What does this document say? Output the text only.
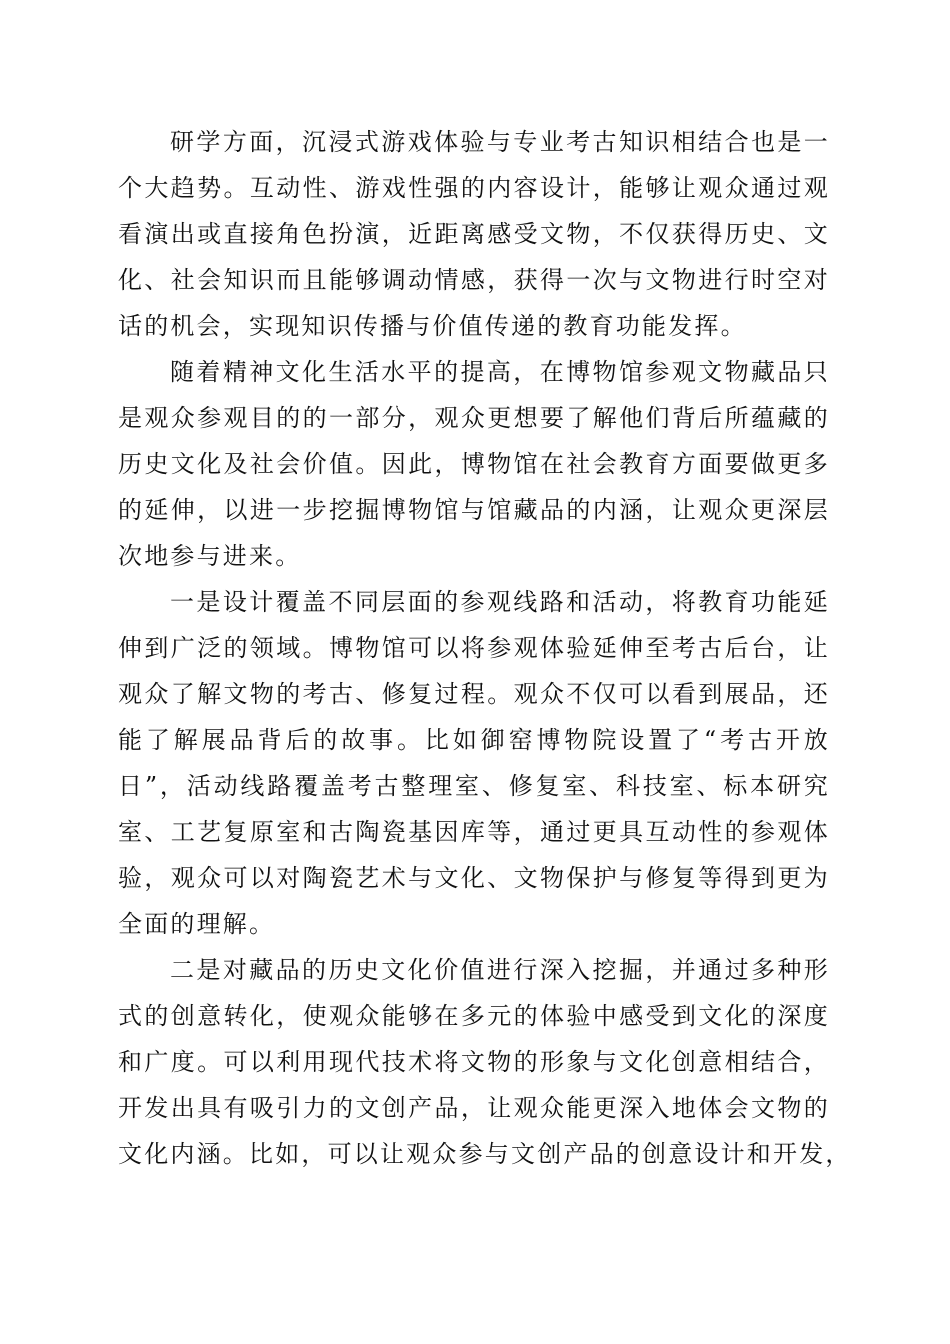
研学方面，沉浸式游戏体验与专业考古知识相结合也是一
个大趋势。互动性、游戏性强的内容设计，能够让观众通过观
看演出或直接角色扮演，近距离感受文物，不仅获得历史、文
化、社会知识而且能够调动情感，获得一次与文物进行时空对
话的机会，实现知识传播与价值传递的教育功能发挥。
随着精神文化生活水平的提高，在博物馆参观文物藏品只
是观众参观目的的一部分，观众更想要了解他们背后所蕴藏的
历史文化及社会价值。因此，博物馆在社会教育方面要做更多
的延伸，以进一步挖掘博物馆与馆藏品的内涵，让观众更深层
次地参与进来。
一是设计覆盖不同层面的参观线路和活动，将教育功能延
伸到广泛的领域。博物馆可以将参观体验延伸至考古后台，让
观众了解文物的考古、修复过程。观众不仅可以看到展品，还
能了解展品背后的故事。比如御窑博物院设置了“考古开放
日”，活动线路覆盖考古整理室、修复室、科技室、标本研究
室、工艺复原室和古陶瓷基因库等，通过更具互动性的参观体
验，观众可以对陶瓷艺术与文化、文物保护与修复等得到更为
全面的理解。
二是对藏品的历史文化价值进行深入挖掘，并通过多种形
式的创意转化，使观众能够在多元的体验中感受到文化的深度
和广度。可以利用现代技术将文物的形象与文化创意相结合，
开发出具有吸引力的文创产品，让观众能更深入地体会文物的
文化内涵。比如，可以让观众参与文创产品的创意设计和开发，
